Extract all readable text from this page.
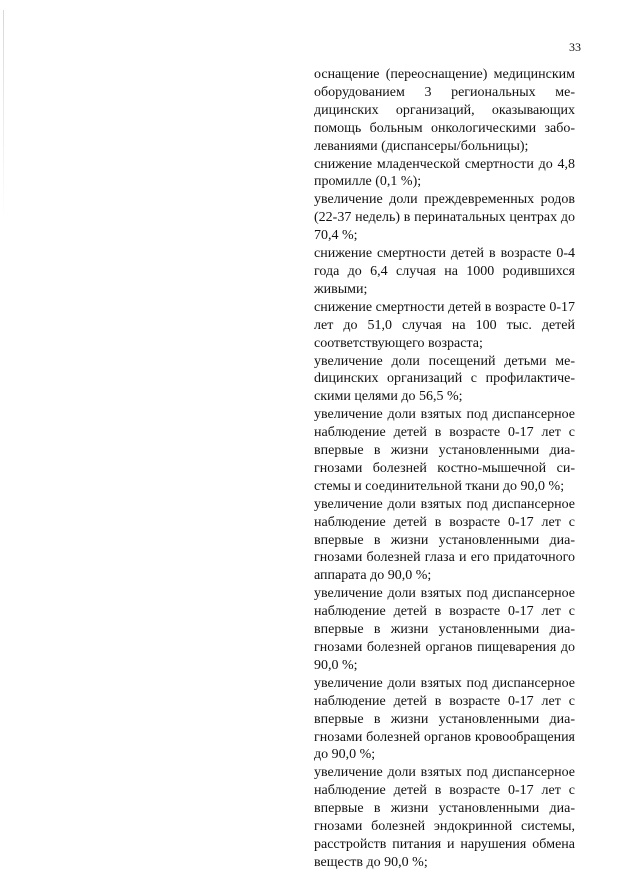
33

оснащение (переоснащение) медицинским оборудованием 3 региональных медицинских организаций, оказывающих помощь больным онкологическими заболеваниями (диспансеры/больницы);

снижение младенческой смертности до 4,8 промилле (0,1 %);

увеличение доли преждевременных родов (22-37 недель) в перинатальных центрах до 70,4 %;

снижение смертности детей в возрасте 0-4 года до 6,4 случая на 1000 родившихся живыми;

снижение смертности детей в возрасте 0-17 лет до 51,0 случая на 100 тыс. детей соответствующего возраста;

увеличение доли посещений детьми меdицинских организаций с профилактическими целями до 56,5 %;

увеличение доли взятых под диспансерное наблюдение детей в возрасте 0-17 лет с впервые в жизни установленными диагнозами болезней костно-мышечной системы и соединительной ткани до 90,0 %;

увеличение доли взятых под диспансерное наблюдение детей в возрасте 0-17 лет с впервые в жизни установленными диагнозами болезней глаза и его придаточного аппарата до 90,0 %;

увеличение доли взятых под диспансерное наблюдение детей в возрасте 0-17 лет с впервые в жизни установленными диагнозами болезней органов пищеварения до 90,0 %;

увеличение доли взятых под диспансерное наблюдение детей в возрасте 0-17 лет с впервые в жизни установленными диагнозами болезней органов кровообращения до 90,0 %;

увеличение доли взятых под диспансерное наблюдение детей в возрасте 0-17 лет с впервые в жизни установленными диагнозами болезней эндокринной системы, расстройств питания и нарушения обмена веществ до 90,0 %;
